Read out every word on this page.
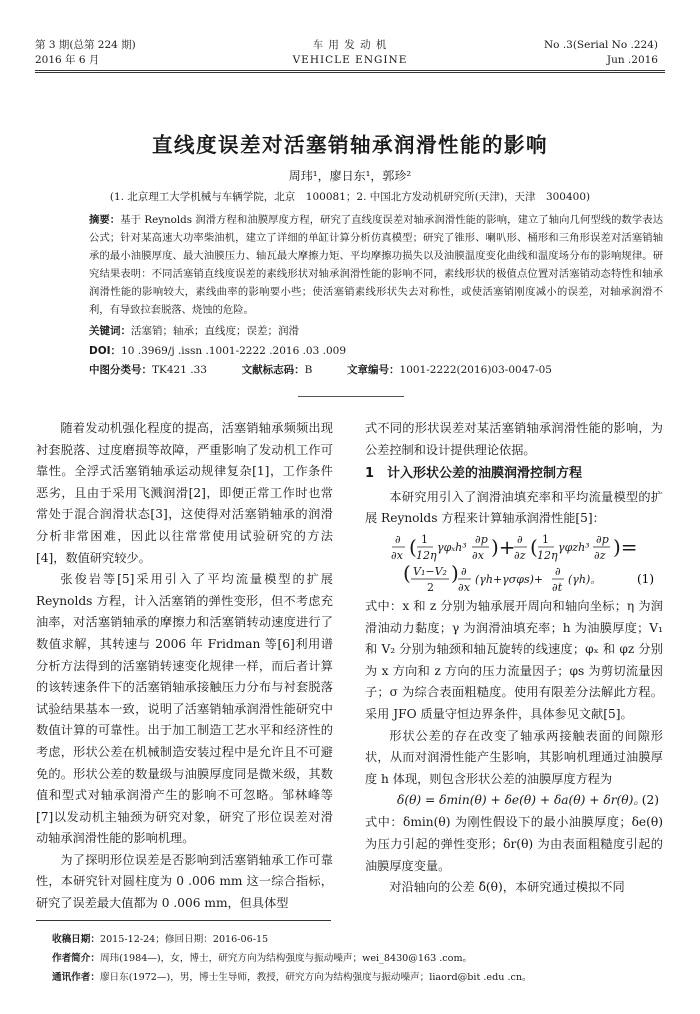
第 3 期(总第 224 期)
2016 年 6 月
车 用 发 动 机
VEHICLE ENGINE
No .3(Serial No .224)
Jun .2016
直线度误差对活塞销轴承润滑性能的影响
周玮¹，廖日东¹，郭珍²
(1. 北京理工大学机械与车辆学院，北京　100081；2. 中国北方发动机研究所(天津)，天津　300400)
摘要：基于 Reynolds 润滑方程和油膜厚度方程，研究了直线度误差对轴承润滑性能的影响，建立了轴向几何型线的数学表达公式；针对某高速大功率柴油机，建立了详细的单缸计算分析仿真模型；研究了锥形、喇叭形、桶形和三角形误差对活塞销轴承的最小油膜厚度、最大油膜压力、轴瓦最大摩擦力矩、平均摩擦功损失以及油膜温度变化曲线和温度场分布的影响规律。研究结果表明：不同活塞销直线度误差的素线形状对轴承润滑性能的影响不同，素线形状的极值点位置对活塞销动态特性和轴承润滑性能的影响较大，素线曲率的影响要小些；使活塞销素线形状失去对称性，或使活塞销刚度减小的误差，对轴承润滑不利，有导致拉套脱落、烧蚀的危险。
关键词：活塞销；轴承；直线度；误差；润滑
DOI：10 .3969/j .issn .1001-2222 .2016 .03 .009
中图分类号：TK421 .33	文献标志码：B	文章编号：1001-2222(2016)03-0047-05

随着发动机强化程度的提高，活塞销轴承频频出现衬套脱落、过度磨损等故障，严重影响了发动机工作可靠性。全浮式活塞销轴承运动规律复杂[1]，工作条件恶劣，且由于采用飞溅润滑[2]，即便正常工作时也常常处于混合润滑状态[3]，这使得对活塞销轴承的润滑分析非常困难，因此以往常常使用试验研究的方法[4]，数值研究较少。

张俊岩等[5]采用引入了平均流量模型的扩展 Reynolds 方程，计入活塞销的弹性变形，但不考虑充油率，对活塞销轴承的摩擦力和活塞销转动速度进行了数值求解，其转速与 2006 年 Fridman 等[6]利用谱分析方法得到的活塞销转速变化规律一样，而后者计算的该转速条件下的活塞销轴承接触压力分布与衬套脱落试验结果基本一致，说明了活塞销轴承润滑性能研究中数值计算的可靠性。出于加工制造工艺水平和经济性的考虑，形状公差在机械制造安装过程中是允许且不可避免的。形状公差的数量级与油膜厚度同是微米级，其数值和型式对轴承润滑产生的影响不可忽略。邹林峰等[7]以发动机主轴颈为研究对象，研究了形位误差对滑动轴承润滑性能的影响机理。

为了探明形位误差是否影响到活塞销轴承工作可靠性，本研究针对圆柱度为 0 .006 mm 这一综合指标，研究了误差最大值都为 0 .006 mm，但具体型

式不同的形状误差对某活塞销轴承润滑性能的影响，为公差控制和设计提供理论依据。

1　计入形状公差的油膜润滑控制方程

本研究用引入了润滑油填充率和平均流量模型的扩展 Reynolds 方程来计算轴承润滑性能[5]：

∂
∂x ( 1
12η
γφₓh³
∂p
∂x )+ ∂
∂z ( 1
12η
γφzh³
∂p
∂z )=
( V₁−V₂
2
) ∂
∂x
(γh+γσφs)+
∂
∂t
(γh)。	(1)

式中：x 和 z 分别为轴承展开周向和轴向坐标；η 为润滑油动力黏度；γ 为润滑油填充率；h 为油膜厚度；V₁ 和 V₂ 分别为轴颈和轴瓦旋转的线速度；φₓ 和 φz 分别为 x 方向和 z 方向的压力流量因子；φs 为剪切流量因子；σ 为综合表面粗糙度。使用有限差分法解此方程。采用 JFO 质量守恒边界条件，具体参见文献[5]。

形状公差的存在改变了轴承两接触表面的间隙形状，从而对润滑性能产生影响，其影响机理通过油膜厚度 h 体现，则包含形状公差的油膜厚度方程为

δ(θ) = δmin(θ) + δe(θ) + δa(θ) + δr(θ)。
(2)

式中：δmin(θ) 为刚性假设下的最小油膜厚度；δe(θ) 为压力引起的弹性变形；δr(θ) 为由表面粗糙度引起的油膜厚度变量。

对沿轴向的公差 δ̂(θ)，本研究通过模拟不同

收稿日期：2015-12-24；修回日期：2016-06-15
作者简介：周玮(1984—)，女，博士，研究方向为结构强度与振动噪声；wei_8430@163 .com。
通讯作者：廖日东(1972—)，男，博士生导师，教授，研究方向为结构强度与振动噪声；liaord@bit .edu .cn。
